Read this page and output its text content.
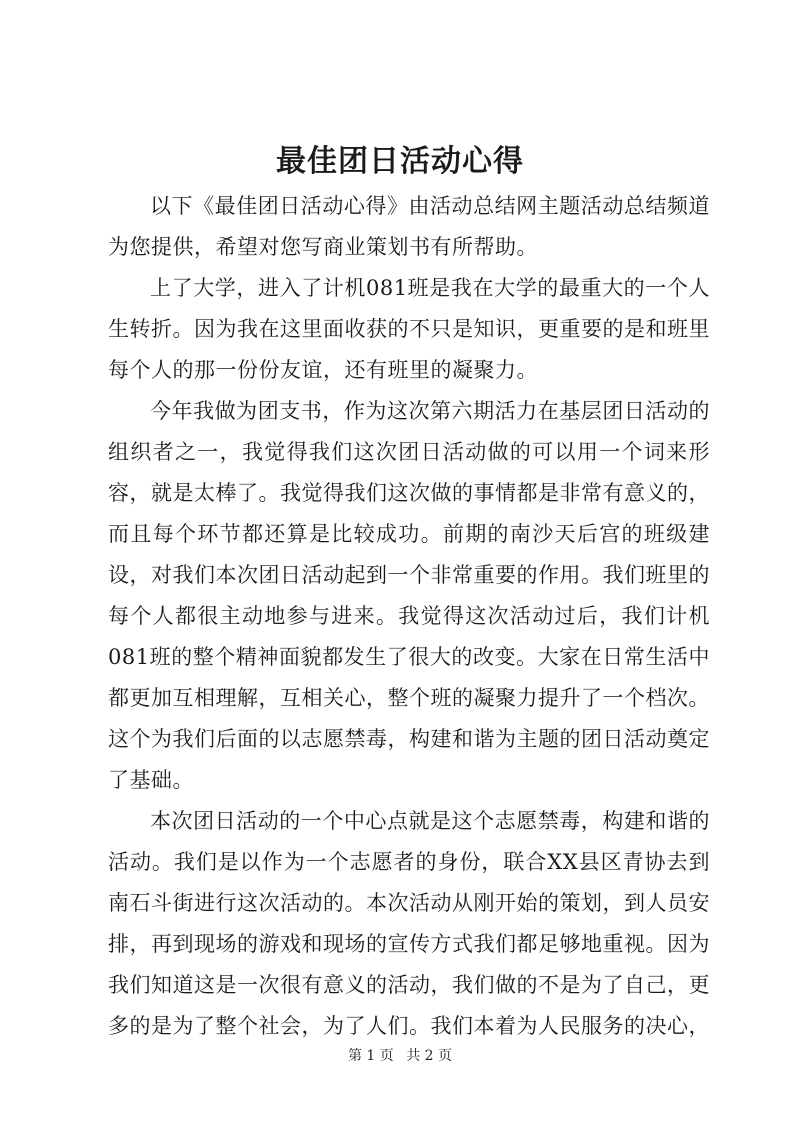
最佳团日活动心得

以下《最佳团日活动心得》由活动总结网主题活动总结频道为您提供，希望对您写商业策划书有所帮助。

上了大学，进入了计机081班是我在大学的最重大的一个人生转折。因为我在这里面收获的不只是知识，更重要的是和班里每个人的那一份份友谊，还有班里的凝聚力。

今年我做为团支书，作为这次第六期活力在基层团日活动的组织者之一，我觉得我们这次团日活动做的可以用一个词来形容，就是太棒了。我觉得我们这次做的事情都是非常有意义的，而且每个环节都还算是比较成功。前期的南沙天后宫的班级建设，对我们本次团日活动起到一个非常重要的作用。我们班里的每个人都很主动地参与进来。我觉得这次活动过后，我们计机081班的整个精神面貌都发生了很大的改变。大家在日常生活中都更加互相理解，互相关心，整个班的凝聚力提升了一个档次。这个为我们后面的以志愿禁毒，构建和谐为主题的团日活动奠定了基础。

本次团日活动的一个中心点就是这个志愿禁毒，构建和谐的活动。我们是以作为一个志愿者的身份，联合XX县区青协去到南石斗街进行这次活动的。本次活动从刚开始的策划，到人员安排，再到现场的游戏和现场的宣传方式我们都足够地重视。因为我们知道这是一次很有意义的活动，我们做的不是为了自己，更多的是为了整个社会，为了人们。我们本着为人民服务的决心，

第 1 页 共 2 页
